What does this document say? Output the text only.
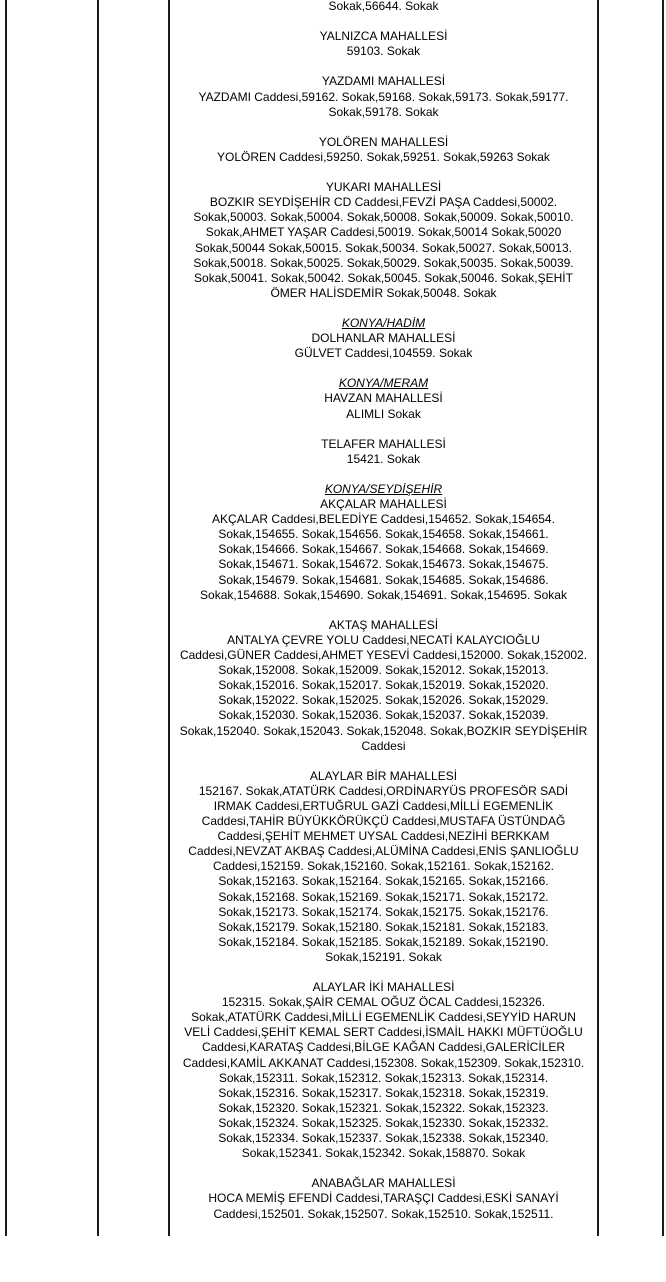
Sokak,56644. Sokak
YALNIZCA MAHALLESİ
59103. Sokak
YAZDAMI MAHALLESİ
YAZDAMI Caddesi,59162. Sokak,59168. Sokak,59173. Sokak,59177.
Sokak,59178. Sokak
YOLÖREN MAHALLESİ
YOLÖREN Caddesi,59250. Sokak,59251. Sokak,59263 Sokak
YUKARI MAHALLESİ
BOZKIR SEYDİŞEHİR CD Caddesi,FEVZİ PAŞA Caddesi,50002.
Sokak,50003. Sokak,50004. Sokak,50008. Sokak,50009. Sokak,50010.
Sokak,AHMET YAŞAR Caddesi,50019. Sokak,50014 Sokak,50020
Sokak,50044 Sokak,50015. Sokak,50034. Sokak,50027. Sokak,50013.
Sokak,50018. Sokak,50025. Sokak,50029. Sokak,50035. Sokak,50039.
Sokak,50041. Sokak,50042. Sokak,50045. Sokak,50046. Sokak,ŞEHİT
ÖMER HALİSDEMİR Sokak,50048. Sokak
KONYA/HADİM
DOLHANLAR MAHALLESİ
GÜLVET Caddesi,104559. Sokak
KONYA/MERAM
HAVZAN MAHALLESİ
ALIMLI Sokak
TELAFER MAHALLESİ
15421. Sokak
KONYA/SEYDİŞEHİR
AKÇALAR MAHALLESİ
AKÇALAR Caddesi,BELEDİYE Caddesi,154652. Sokak,154654.
Sokak,154655. Sokak,154656. Sokak,154658. Sokak,154661.
Sokak,154666. Sokak,154667. Sokak,154668. Sokak,154669.
Sokak,154671. Sokak,154672. Sokak,154673. Sokak,154675.
Sokak,154679. Sokak,154681. Sokak,154685. Sokak,154686.
Sokak,154688. Sokak,154690. Sokak,154691. Sokak,154695. Sokak
AKTAŞ MAHALLESİ
ANTALYA ÇEVRE YOLU Caddesi,NECATİ KALAYCIOĞLU
Caddesi,GÜNER Caddesi,AHMET YESEVİ Caddesi,152000. Sokak,152002.
Sokak,152008. Sokak,152009. Sokak,152012. Sokak,152013.
Sokak,152016. Sokak,152017. Sokak,152019. Sokak,152020.
Sokak,152022. Sokak,152025. Sokak,152026. Sokak,152029.
Sokak,152030. Sokak,152036. Sokak,152037. Sokak,152039.
Sokak,152040. Sokak,152043. Sokak,152048. Sokak,BOZKIR SEYDİŞEHİR
Caddesi
ALAYLAR BİR MAHALLESİ
152167. Sokak,ATATÜRK Caddesi,ORDİNARYÜS PROFESÖR SADİ
IRMAK Caddesi,ERTUĞRUL GAZİ Caddesi,MİLLİ EGEMENLİK
Caddesi,TAHİR BÜYÜKKÖRÜKÇÜ Caddesi,MUSTAFA ÜSTÜNDAĞ
Caddesi,ŞEHİT MEHMET UYSAL Caddesi,NEZİHİ BERKKAM
Caddesi,NEVZAT AKBAŞ Caddesi,ALÜMİNA Caddesi,ENİS ŞANLIOĞLU
Caddesi,152159. Sokak,152160. Sokak,152161. Sokak,152162.
Sokak,152163. Sokak,152164. Sokak,152165. Sokak,152166.
Sokak,152168. Sokak,152169. Sokak,152171. Sokak,152172.
Sokak,152173. Sokak,152174. Sokak,152175. Sokak,152176.
Sokak,152179. Sokak,152180. Sokak,152181. Sokak,152183.
Sokak,152184. Sokak,152185. Sokak,152189. Sokak,152190.
Sokak,152191. Sokak
ALAYLAR İKİ MAHALLESİ
152315. Sokak,ŞAİR CEMAL OĞUZ ÖCAL Caddesi,152326.
Sokak,ATATÜRK Caddesi,MİLLİ EGEMENLİK Caddesi,SEYYİD HARUN
VELİ Caddesi,ŞEHİT KEMAL SERT Caddesi,İSMAİL HAKKI MÜFTÜOĞLU
Caddesi,KARATAŞ Caddesi,BİLGE KAĞAN Caddesi,GALERİCİLER
Caddesi,KAMİL AKKANAT Caddesi,152308. Sokak,152309. Sokak,152310.
Sokak,152311. Sokak,152312. Sokak,152313. Sokak,152314.
Sokak,152316. Sokak,152317. Sokak,152318. Sokak,152319.
Sokak,152320. Sokak,152321. Sokak,152322. Sokak,152323.
Sokak,152324. Sokak,152325. Sokak,152330. Sokak,152332.
Sokak,152334. Sokak,152337. Sokak,152338. Sokak,152340.
Sokak,152341. Sokak,152342. Sokak,158870. Sokak
ANABAĞLAR MAHALLESİ
HOCA MEMİŞ EFENDİ Caddesi,TARAŞÇI Caddesi,ESKİ SANAYİ
Caddesi,152501. Sokak,152507. Sokak,152510. Sokak,152511.
